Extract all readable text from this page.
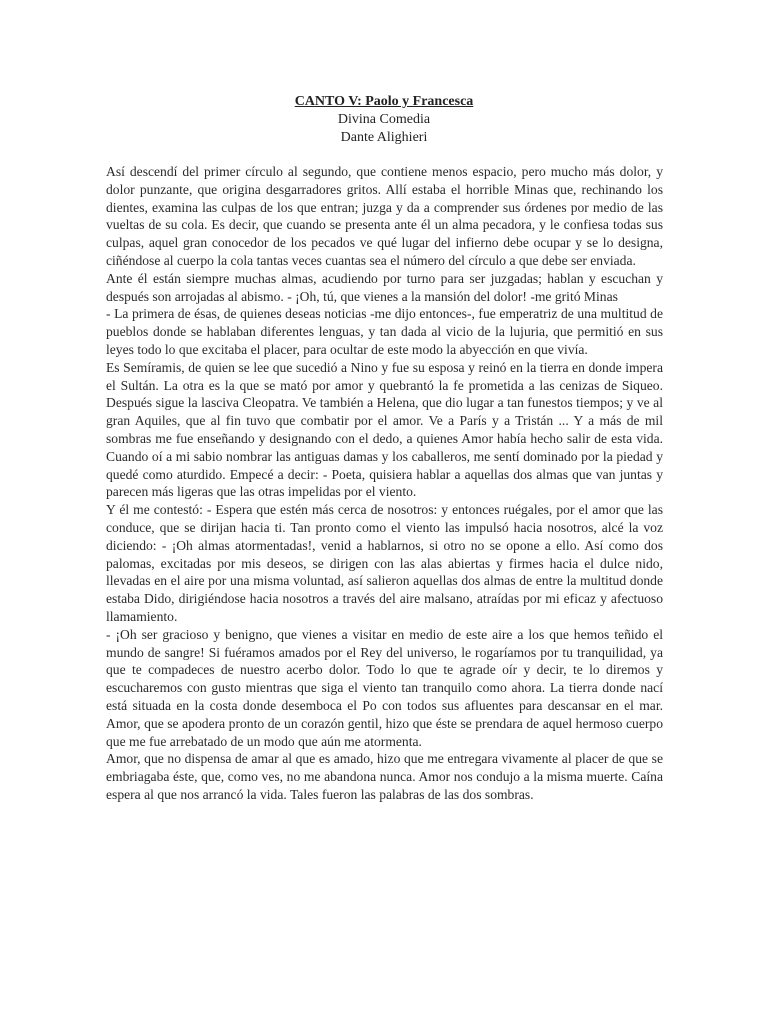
CANTO V: Paolo y Francesca
Divina Comedia
Dante Alighieri

Así descendí del primer círculo al segundo, que contiene menos espacio, pero mucho más dolor, y dolor punzante, que origina desgarradores gritos. Allí estaba el horrible Minas que, rechinando los dientes, examina las culpas de los que entran; juzga y da a comprender sus órdenes por medio de las vueltas de su cola. Es decir, que cuando se presenta ante él un alma pecadora, y le confiesa todas sus culpas, aquel gran conocedor de los pecados ve qué lugar del infierno debe ocupar y se lo designa, ciñéndose al cuerpo la cola tantas veces cuantas sea el número del círculo a que debe ser enviada.

Ante él están siempre muchas almas, acudiendo por turno para ser juzgadas; hablan y escuchan y después son arrojadas al abismo. - ¡Oh, tú, que vienes a la mansión del dolor! -me gritó Minas

- La primera de ésas, de quienes deseas noticias -me dijo entonces-, fue emperatriz de una multitud de pueblos donde se hablaban diferentes lenguas, y tan dada al vicio de la lujuria, que permitió en sus leyes todo lo que excitaba el placer, para ocultar de este modo la abyección en que vivía.

Es Semíramis, de quien se lee que sucedió a Nino y fue su esposa y reinó en la tierra en donde impera el Sultán. La otra es la que se mató por amor y quebrantó la fe prometida a las cenizas de Siqueo. Después sigue la lasciva Cleopatra. Ve también a Helena, que dio lugar a tan funestos tiempos; y ve al gran Aquiles, que al fin tuvo que combatir por el amor. Ve a París y a Tristán ... Y a más de mil sombras me fue enseñando y designando con el dedo, a quienes Amor había hecho salir de esta vida. Cuando oí a mi sabio nombrar las antiguas damas y los caballeros, me sentí dominado por la piedad y quedé como aturdido. Empecé a decir: - Poeta, quisiera hablar a aquellas dos almas que van juntas y parecen más ligeras que las otras impelidas por el viento.

Y él me contestó: - Espera que estén más cerca de nosotros: y entonces ruégales, por el amor que las conduce, que se dirijan hacia ti. Tan pronto como el viento las impulsó hacia nosotros, alcé la voz diciendo: - ¡Oh almas atormentadas!, venid a hablarnos, si otro no se opone a ello. Así como dos palomas, excitadas por mis deseos, se dirigen con las alas abiertas y firmes hacia el dulce nido, llevadas en el aire por una misma voluntad, así salieron aquellas dos almas de entre la multitud donde estaba Dido, dirigiéndose hacia nosotros a través del aire malsano, atraídas por mi eficaz y afectuoso llamamiento.

- ¡Oh ser gracioso y benigno, que vienes a visitar en medio de este aire a los que hemos teñido el mundo de sangre! Si fuéramos amados por el Rey del universo, le rogaríamos por tu tranquilidad, ya que te compadeces de nuestro acerbo dolor. Todo lo que te agrade oír y decir, te lo diremos y escucharemos con gusto mientras que siga el viento tan tranquilo como ahora. La tierra donde nací está situada en la costa donde desemboca el Po con todos sus afluentes para descansar en el mar. Amor, que se apodera pronto de un corazón gentil, hizo que éste se prendara de aquel hermoso cuerpo que me fue arrebatado de un modo que aún me atormenta.

Amor, que no dispensa de amar al que es amado, hizo que me entregara vivamente al placer de que se embriagaba éste, que, como ves, no me abandona nunca. Amor nos condujo a la misma muerte. Caína espera al que nos arrancó la vida. Tales fueron las palabras de las dos sombras.
